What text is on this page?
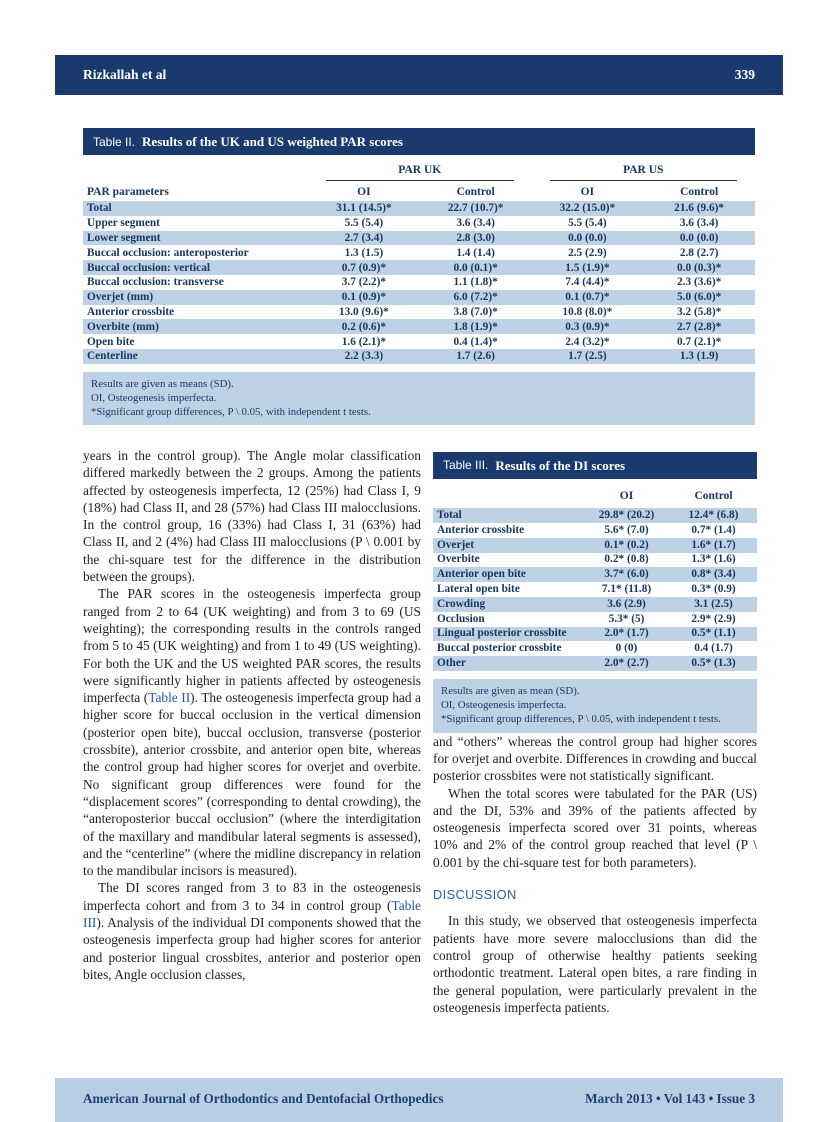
Rizkallah et al	339
Table II. Results of the UK and US weighted PAR scores
PAR UK	PAR US
PAR parameters	OI	Control	OI	Control
Total	31.1 (14.5)*	22.7 (10.7)*	32.2 (15.0)*	21.6 (9.6)*
Upper segment	5.5 (5.4)	3.6 (3.4)	5.5 (5.4)	3.6 (3.4)
Lower segment	2.7 (3.4)	2.8 (3.0)	0.0 (0.0)	0.0 (0.0)
Buccal occlusion: anteroposterior	1.3 (1.5)	1.4 (1.4)	2.5 (2.9)	2.8 (2.7)
Buccal occlusion: vertical	0.7 (0.9)*	0.0 (0.1)*	1.5 (1.9)*	0.0 (0.3)*
Buccal occlusion: transverse	3.7 (2.2)*	1.1 (1.8)*	7.4 (4.4)*	2.3 (3.6)*
Overjet (mm)	0.1 (0.9)*	6.0 (7.2)*	0.1 (0.7)*	5.0 (6.0)*
Anterior crossbite	13.0 (9.6)*	3.8 (7.0)*	10.8 (8.0)*	3.2 (5.8)*
Overbite (mm)	0.2 (0.6)*	1.8 (1.9)*	0.3 (0.9)*	2.7 (2.8)*
Open bite	1.6 (2.1)*	0.4 (1.4)*	2.4 (3.2)*	0.7 (2.1)*
Centerline	2.2 (3.3)	1.7 (2.6)	1.7 (2.5)	1.3 (1.9)
Results are given as means (SD).
OI, Osteogenesis imperfecta.
*Significant group differences, P \ 0.05, with independent t tests.

years in the control group). The Angle molar classification differed markedly between the 2 groups. Among the patients affected by osteogenesis imperfecta, 12 (25%) had Class I, 9 (18%) had Class II, and 28 (57%) had Class III malocclusions. In the control group, 16 (33%) had Class I, 31 (63%) had Class II, and 2 (4%) had Class III malocclusions (P \ 0.001 by the chi-square test for the difference in the distribution between the groups).

The PAR scores in the osteogenesis imperfecta group ranged from 2 to 64 (UK weighting) and from 3 to 69 (US weighting); the corresponding results in the controls ranged from 5 to 45 (UK weighting) and from 1 to 49 (US weighting). For both the UK and the US weighted PAR scores, the results were significantly higher in patients affected by osteogenesis imperfecta (Table II). The osteogenesis imperfecta group had a higher score for buccal occlusion in the vertical dimension (posterior open bite), buccal occlusion, transverse (posterior crossbite), anterior crossbite, and anterior open bite, whereas the control group had higher scores for overjet and overbite. No significant group differences were found for the “displacement scores” (corresponding to dental crowding), the “anteroposterior buccal occlusion” (where the interdigitation of the maxillary and mandibular lateral segments is assessed), and the “centerline” (where the midline discrepancy in relation to the mandibular incisors is measured).

The DI scores ranged from 3 to 83 in the osteogenesis imperfecta cohort and from 3 to 34 in control group (Table III). Analysis of the individual DI components showed that the osteogenesis imperfecta group had higher scores for anterior and posterior lingual crossbites, anterior and posterior open bites, Angle occlusion classes,

Table III. Results of the DI scores
OI	Control
Total	29.8* (20.2)	12.4* (6.8)
Anterior crossbite	5.6* (7.0)	0.7* (1.4)
Overjet	0.1* (0.2)	1.6* (1.7)
Overbite	0.2* (0.8)	1.3* (1.6)
Anterior open bite	3.7* (6.0)	0.8* (3.4)
Lateral open bite	7.1* (11.8)	0.3* (0.9)
Crowding	3.6 (2.9)	3.1 (2.5)
Occlusion	5.3* (5)	2.9* (2.9)
Lingual posterior crossbite	2.0* (1.7)	0.5* (1.1)
Buccal posterior crossbite	0 (0)	0.4 (1.7)
Other	2.0* (2.7)	0.5* (1.3)
Results are given as mean (SD).
OI, Osteogenesis imperfecta.
*Significant group differences, P \ 0.05, with independent t tests.

and “others” whereas the control group had higher scores for overjet and overbite. Differences in crowding and buccal posterior crossbites were not statistically significant.

When the total scores were tabulated for the PAR (US) and the DI, 53% and 39% of the patients affected by osteogenesis imperfecta scored over 31 points, whereas 10% and 2% of the control group reached that level (P \ 0.001 by the chi-square test for both parameters).

DISCUSSION

In this study, we observed that osteogenesis imperfecta patients have more severe malocclusions than did the control group of otherwise healthy patients seeking orthodontic treatment. Lateral open bites, a rare finding in the general population, were particularly prevalent in the osteogenesis imperfecta patients.

American Journal of Orthodontics and Dentofacial Orthopedics	March 2013 • Vol 143 • Issue 3
